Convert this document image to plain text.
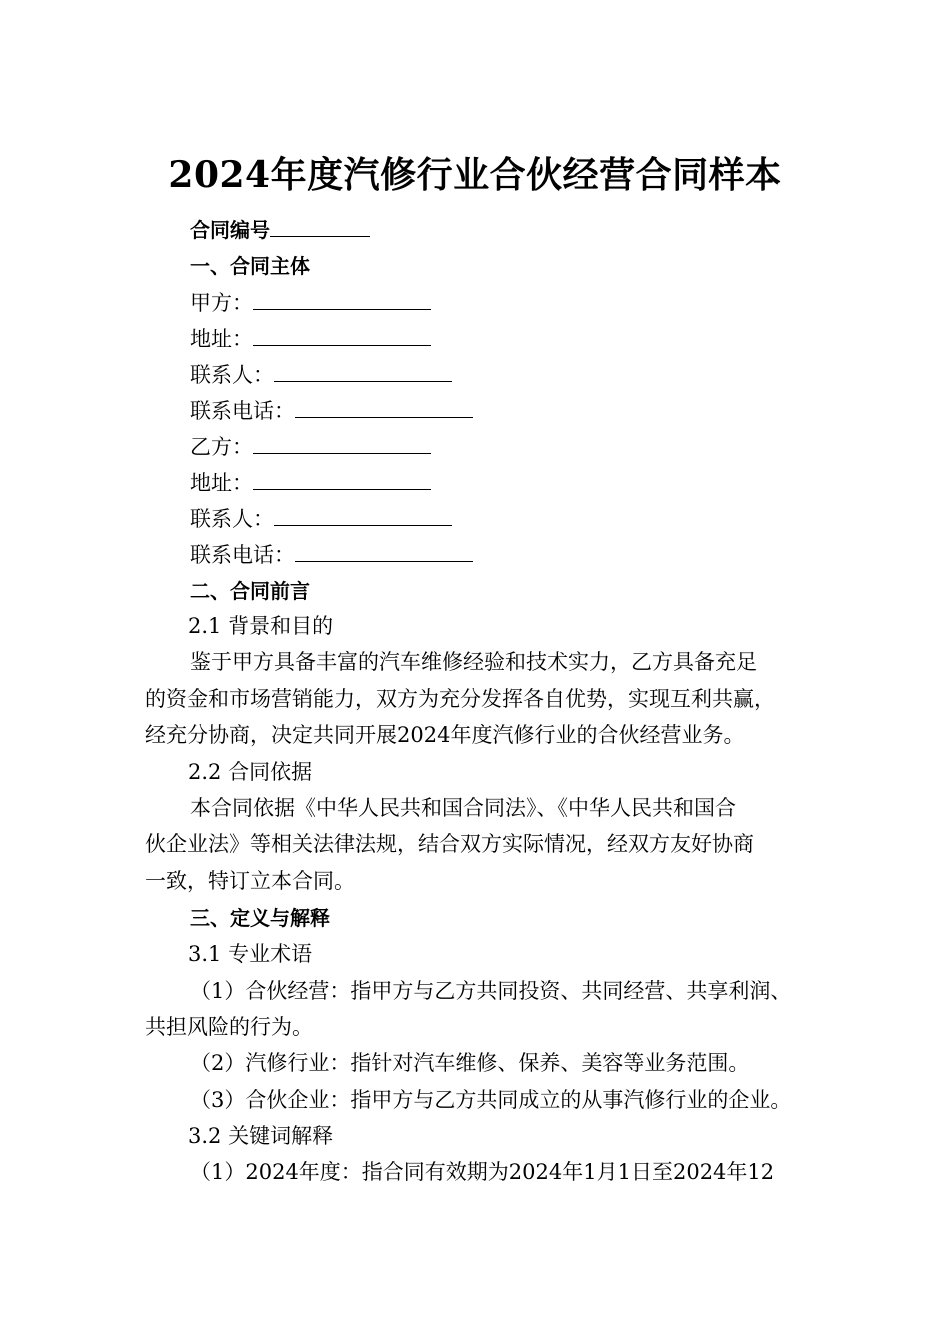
2024年度汽修行业合伙经营合同样本
合同编号
一、合同主体
甲方：
地址：
联系人：
联系电话：
乙方：
地址：
联系人：
联系电话：
二、合同前言
2.1 背景和目的
鉴于甲方具备丰富的汽车维修经验和技术实力，乙方具备充足
的资金和市场营销能力，双方为充分发挥各自优势，实现互利共赢，
经充分协商，决定共同开展2024年度汽修行业的合伙经营业务。
2.2 合同依据
本合同依据《中华人民共和国合同法》、《中华人民共和国合
伙企业法》等相关法律法规，结合双方实际情况，经双方友好协商
一致，特订立本合同。
三、定义与解释
3.1 专业术语
（1）合伙经营：指甲方与乙方共同投资、共同经营、共享利润、
共担风险的行为。
（2）汽修行业：指针对汽车维修、保养、美容等业务范围。
（3）合伙企业：指甲方与乙方共同成立的从事汽修行业的企业。
3.2 关键词解释
（1）2024年度：指合同有效期为2024年1月1日至2024年12
